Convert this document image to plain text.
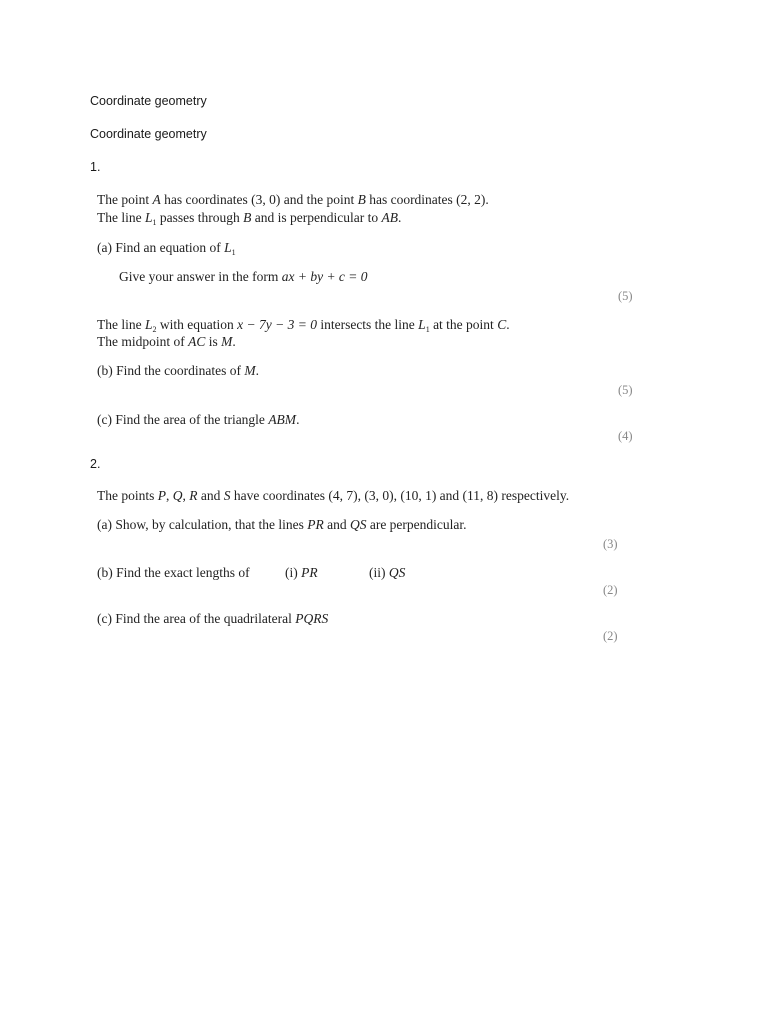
Coordinate geometry
Coordinate geometry
1.
The point A has coordinates (3, 0) and the point B has coordinates (2, 2).
The line $L_1$ passes through B and is perpendicular to AB.
(a) Find an equation of $L_1$
Give your answer in the form ax + by + c = 0
(5)
The line $L_2$ with equation x − 7y − 3 = 0 intersects the line $L_1$ at the point C.
The midpoint of AC is M.
(b) Find the coordinates of M.
(5)
(c) Find the area of the triangle ABM.
(4)
2.
The points P, Q, R and S have coordinates (4, 7), (3, 0), (10, 1) and (11, 8) respectively.
(a) Show, by calculation, that the lines PR and QS are perpendicular.
(3)
(b) Find the exact lengths of	(i) PR	(ii) QS
(2)
(c) Find the area of the quadrilateral PQRS
(2)
